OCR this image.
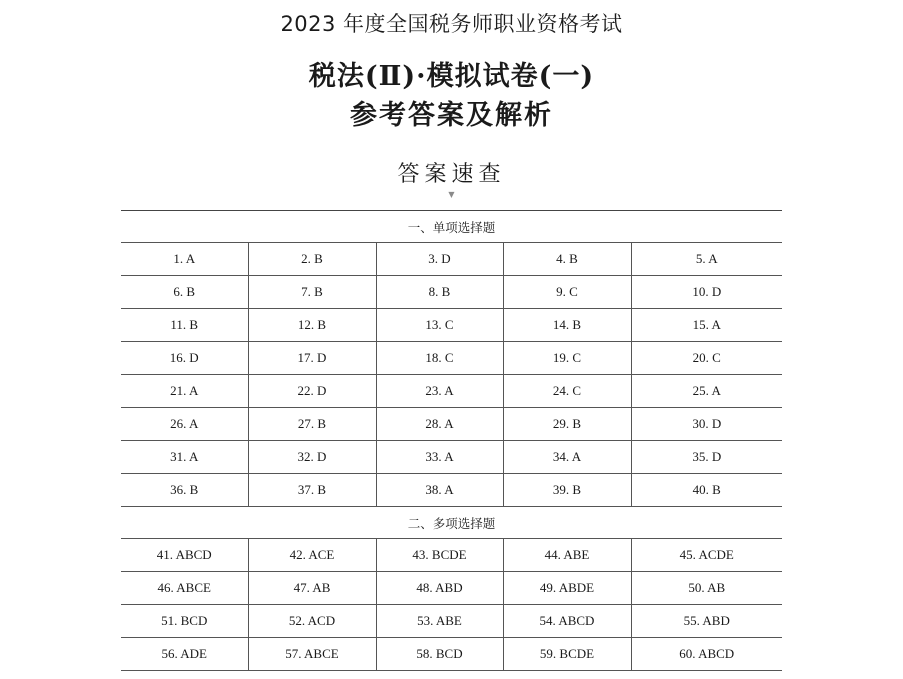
2023 年度全国税务师职业资格考试
税法(Ⅱ)·模拟试卷(一)
参考答案及解析
答案速查
▼
一、单项选择题				
1. A	2. B	3. D	4. B	5. A
6. B	7. B	8. B	9. C	10. D
11. B	12. B	13. C	14. B	15. A
16. D	17. D	18. C	19. C	20. C
21. A	22. D	23. A	24. C	25. A
26. A	27. B	28. A	29. B	30. D
31. A	32. D	33. A	34. A	35. D
36. B	37. B	38. A	39. B	40. B
二、多项选择题				
41. ABCD	42. ACE	43. BCDE	44. ABE	45. ACDE
46. ABCE	47. AB	48. ABD	49. ABDE	50. AB
51. BCD	52. ACD	53. ABE	54. ABCD	55. ABD
56. ADE	57. ABCE	58. BCD	59. BCDE	60. ABCD
